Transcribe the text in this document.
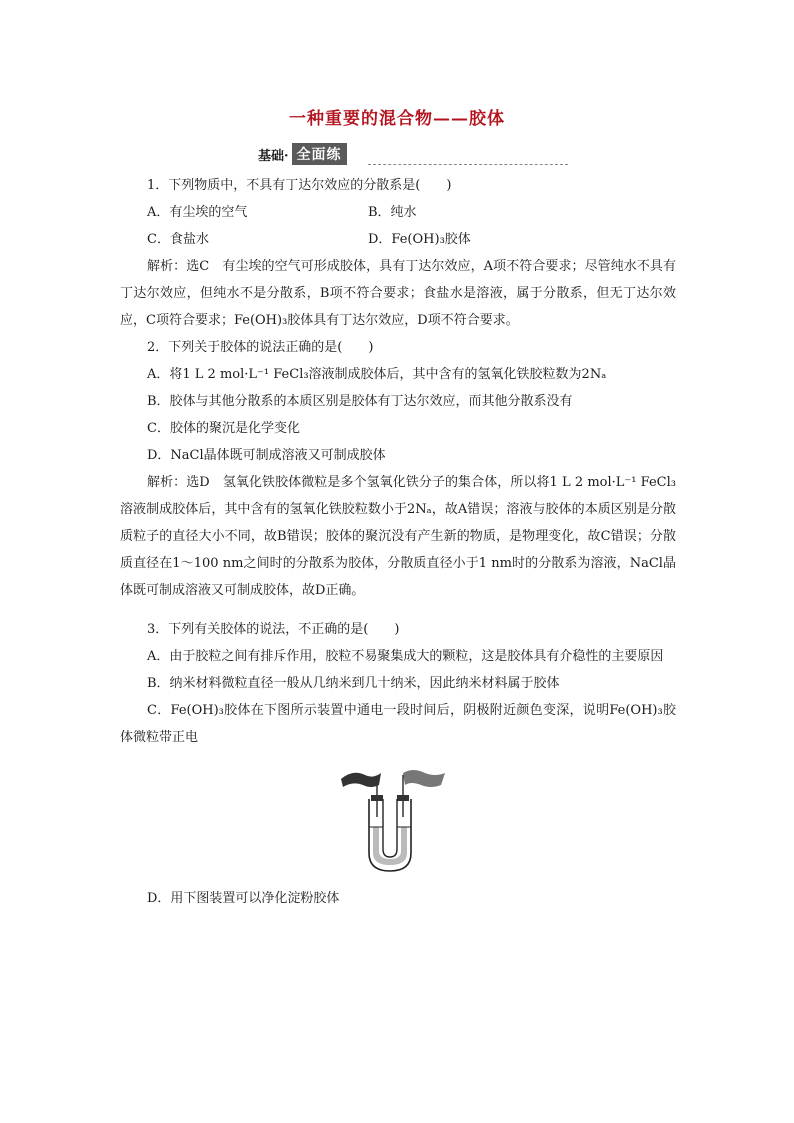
一种重要的混合物——胶体
基础· 全面练
1．下列物质中，不具有丁达尔效应的分散系是(　　)
A．有尘埃的空气	B．纯水
C．食盐水	D．Fe(OH)₃胶体
解析：选C　有尘埃的空气可形成胶体，具有丁达尔效应，A项不符合要求；尽管纯水不具有丁达尔效应，但纯水不是分散系，B项不符合要求；食盐水是溶液，属于分散系，但无丁达尔效应，C项符合要求；Fe(OH)₃胶体具有丁达尔效应，D项不符合要求。
2．下列关于胶体的说法正确的是(　　)
A．将1 L 2 mol·L⁻¹ FeCl₃溶液制成胶体后，其中含有的氢氧化铁胶粒数为2Nₐ
B．胶体与其他分散系的本质区别是胶体有丁达尔效应，而其他分散系没有
C．胶体的聚沉是化学变化
D．NaCl晶体既可制成溶液又可制成胶体
解析：选D　氢氧化铁胶体微粒是多个氢氧化铁分子的集合体，所以将1 L 2 mol·L⁻¹ FeCl₃溶液制成胶体后，其中含有的氢氧化铁胶粒数小于2Nₐ，故A错误；溶液与胶体的本质区别是分散质粒子的直径大小不同，故B错误；胶体的聚沉没有产生新的物质，是物理变化，故C错误；分散质直径在1～100 nm之间时的分散系为胶体，分散质直径小于1 nm时的分散系为溶液，NaCl晶体既可制成溶液又可制成胶体，故D正确。
3．下列有关胶体的说法，不正确的是(　　)
A．由于胶粒之间有排斥作用，胶粒不易聚集成大的颗粒，这是胶体具有介稳性的主要原因
B．纳米材料微粒直径一般从几纳米到几十纳米，因此纳米材料属于胶体
C．Fe(OH)₃胶体在下图所示装置中通电一段时间后，阴极附近颜色变深，说明Fe(OH)₃胶体微粒带正电
D．用下图装置可以净化淀粉胶体
